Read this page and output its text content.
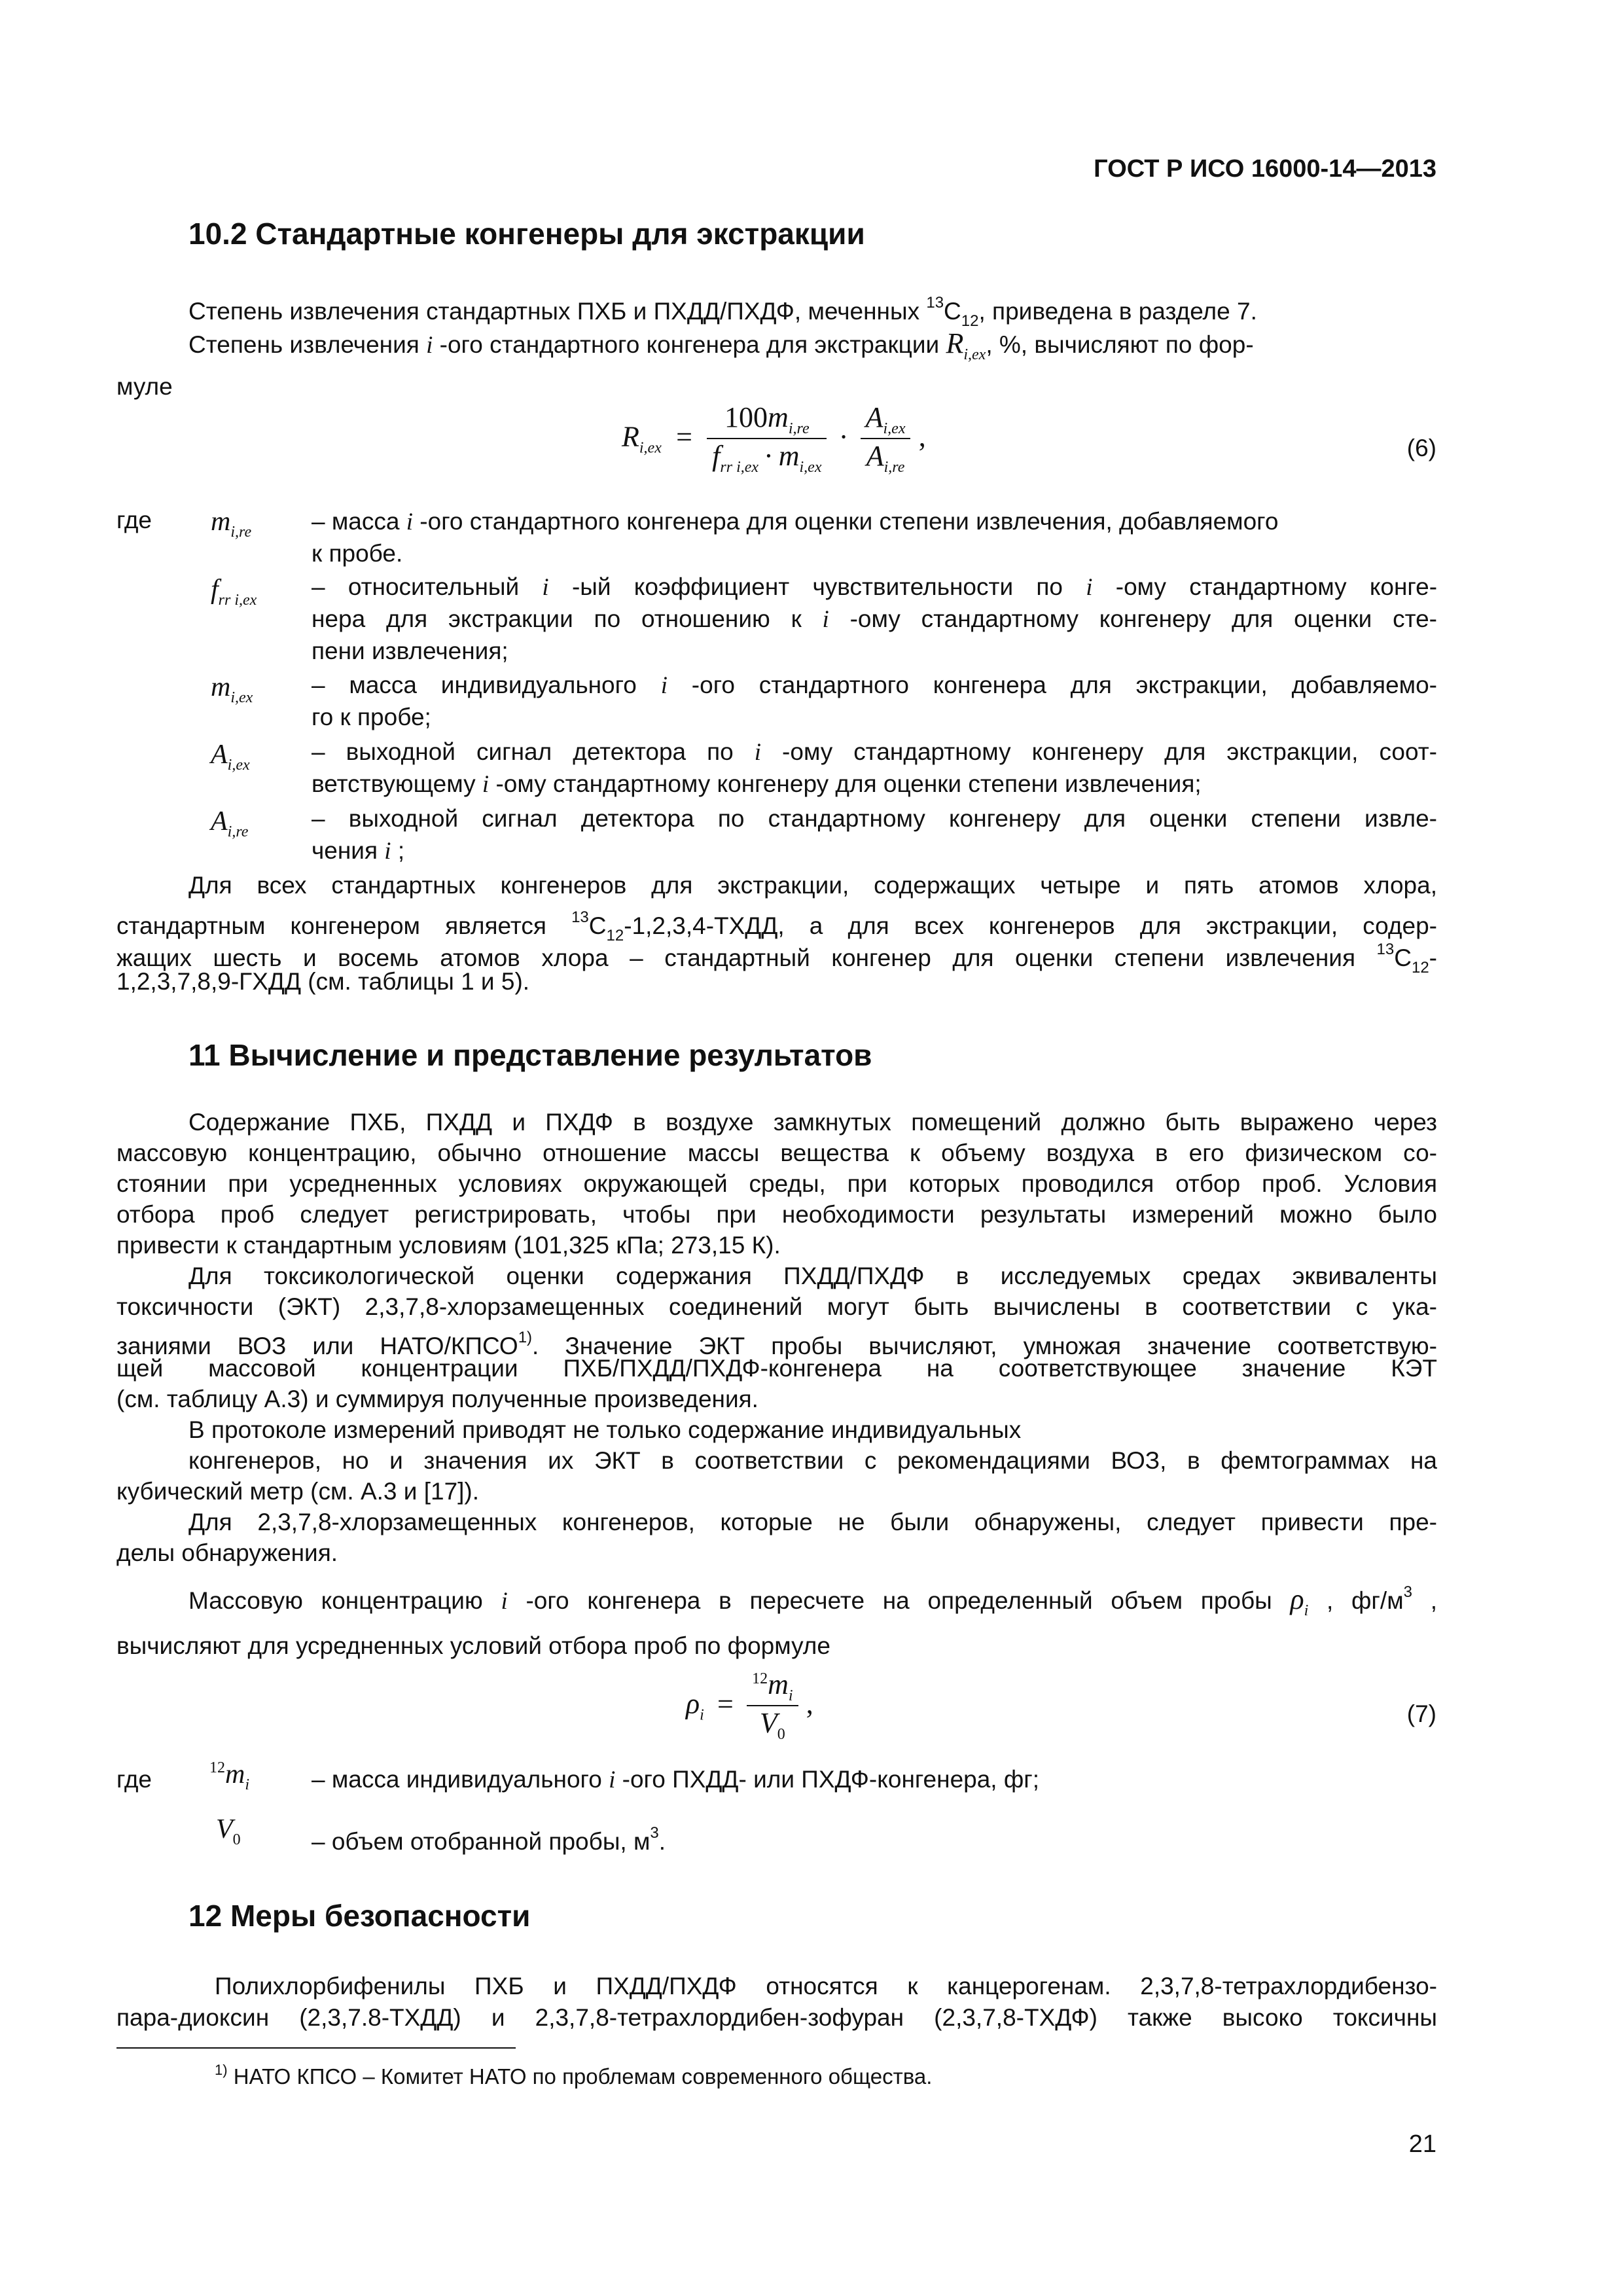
ГОСТ Р ИСО 16000-14—2013
10.2 Стандартные конгенеры для экстракции
Степень извлечения стандартных ПХБ и ПХДД/ПХДФ, меченных $^{13}C_{12}$, приведена в разделе 7.
Степень извлечения i -ого стандартного конгенера для экстракции $R_{i,ex}$, %, вычисляют по фор-
муле
$R_{i,ex} = \frac{100m_{i,re}}{f_{rr i,ex} \cdot m_{i,ex}} \cdot \frac{A_{i,ex}}{A_{i,re}}$ ,	(6)
где $m_{i,re}$ – масса i -ого стандартного конгенера для оценки степени извлечения, добавляемого
к пробе.
$f_{rr i,ex}$ – относительный i -ый коэффициент чувствительности по i -ому стандартному конге-
нера для экстракции по отношению к i -ому стандартному конгенеру для оценки сте-
пени извлечения;
$m_{i,ex}$ – масса индивидуального i -ого стандартного конгенера для экстракции, добавляемо-
го к пробе;
$A_{i,ex}$	– выходной сигнал детектора по i -ому стандартному конгенеру для экстракции, соот-
ветствующему i -ому стандартному конгенеру для оценки степени извлечения;
$A_{i,re}$	– выходной сигнал детектора по стандартному конгенеру для оценки степени извле-
чения i ;
Для всех стандартных конгенеров для экстракции, содержащих четыре и пять атомов хлора,
стандартным конгенером является $^{13}C_{12}-1,2,3,4$-ТХДД, а для всех конгенеров для экстракции, содер-
жащих шесть и восемь атомов хлора – стандартный конгенер для оценки степени извлечения $^{13}C_{12}-$
1,2,3,7,8,9-ГХДД (см. таблицы 1 и 5).
11 Вычисление и представление результатов
Содержание ПХБ, ПХДД и ПХДФ в воздухе замкнутых помещений должно быть выражено через
массовую концентрацию, обычно отношение массы вещества к объему воздуха в его физическом со-
стоянии при усредненных условиях окружающей среды, при которых проводился отбор проб. Условия
отбора проб следует регистрировать, чтобы при необходимости результаты измерений можно было
привести к стандартным условиям (101,325 кПа; 273,15 К).
Для токсикологической оценки содержания ПХДД/ПХДФ в исследуемых средах эквиваленты
токсичности (ЭКТ) 2,3,7,8-хлорзамещенных соединений могут быть вычислены в соответствии с ука-
заниями ВОЗ или НАТО/КПСО$^{1)}$. Значение ЭКТ пробы вычисляют, умножая значение соответствую-
щей массовой концентрации ПХБ/ПХДД/ПХДФ-конгенера на соответствующее значение КЭТ
(см. таблицу А.3) и суммируя полученные произведения.
В протоколе измерений приводят не только содержание индивидуальных
конгенеров, но и значения их ЭКТ в соответствии с рекомендациями ВОЗ, в фемтограммах на
кубический метр (см. А.3 и [17]).
Для 2,3,7,8-хлорзамещенных конгенеров, которые не были обнаружены, следует привести пре-
делы обнаружения.
Массовую концентрацию i -ого конгенера в пересчете на определенный объем пробы $\rho_i$ , $фг/м^3$ ,
вычисляют для усредненных условий отбора проб по формуле
$\rho_i = \frac{^{12}m_i}{V_0}$ ,	(7)
где	$^{12}m_i$	– масса индивидуального i -ого ПХДД- или ПХДФ-конгенера, фг;
$V_0$	– объем отобранной пробы, $м^3$.
12 Меры безопасности
Полихлорбифенилы ПХБ и ПХДД/ПХДФ относятся к канцерогенам. 2,3,7,8-тетрахлордибензо-
пара-диоксин (2,3,7.8-ТХДД) и 2,3,7,8-тетрахлордибен-зофуран (2,3,7,8-ТХДФ) также высоко токсичны
$^{1)}$ НАТО КПСО – Комитет НАТО по проблемам современного общества.
21
